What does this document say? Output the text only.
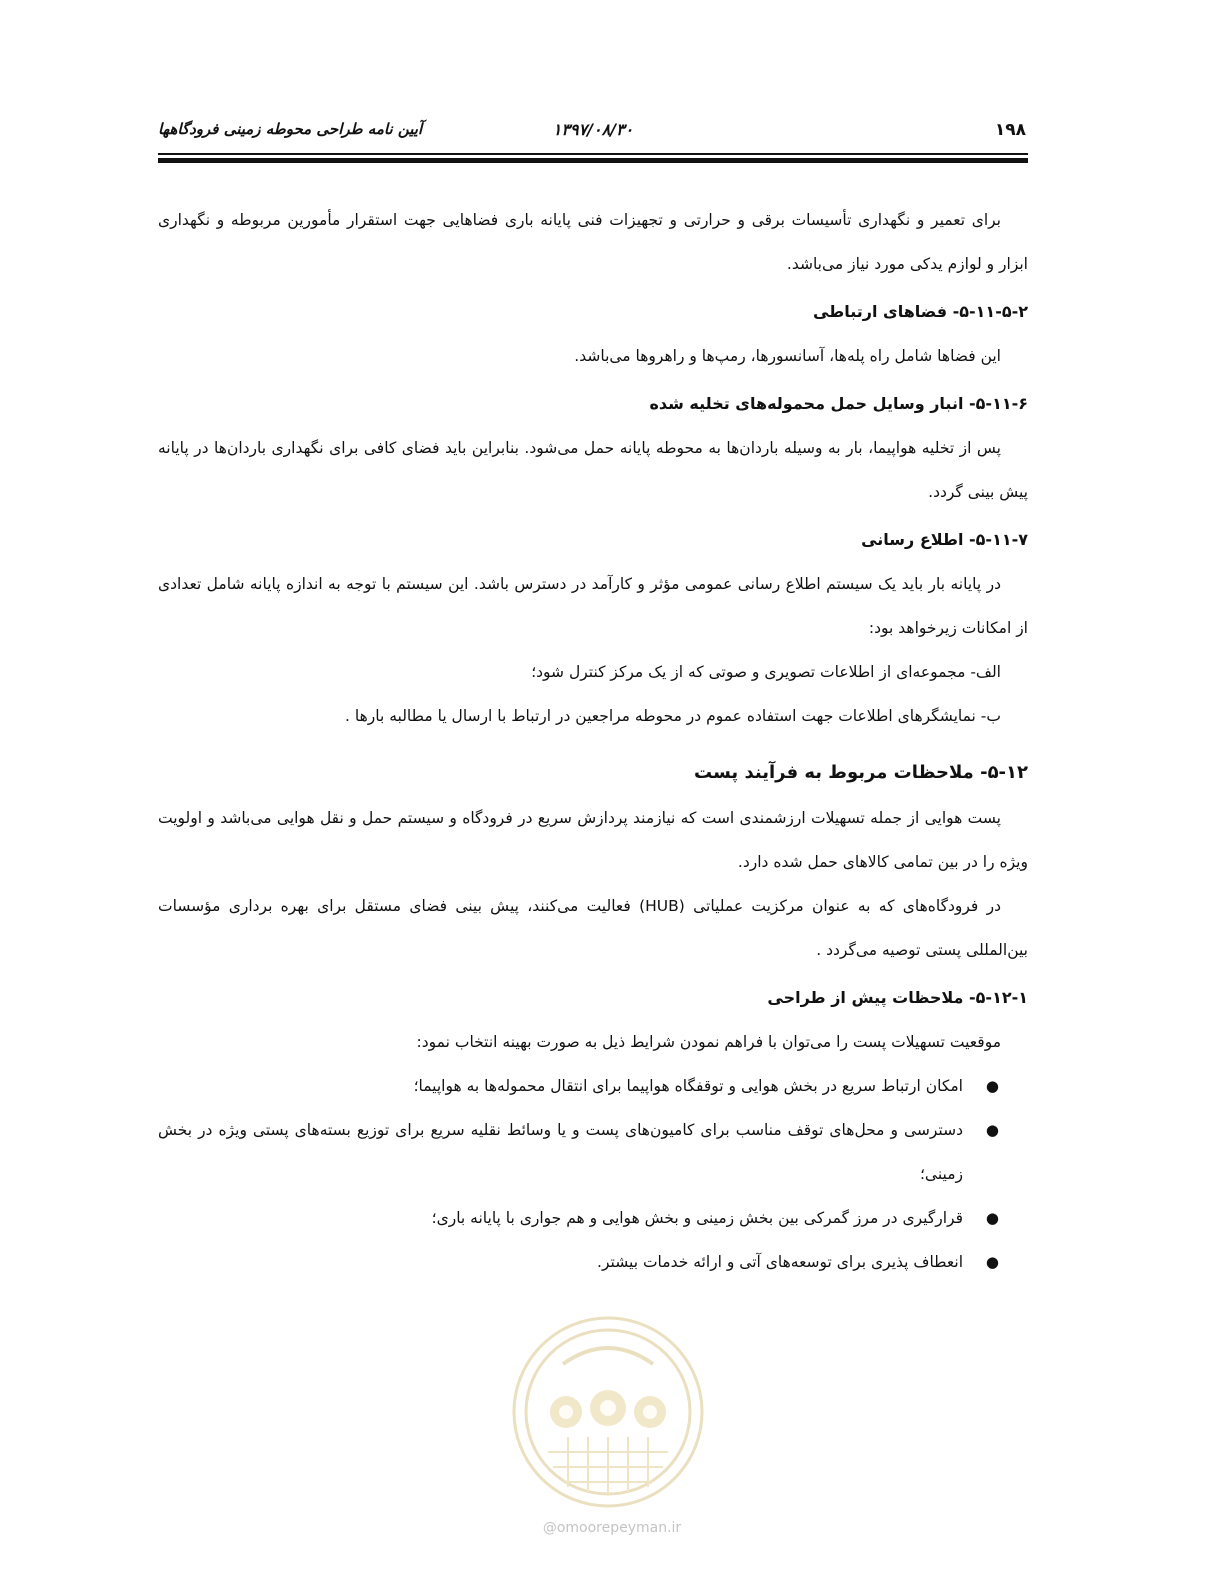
۱۹۸
۱۳۹۷/۰۸/۳۰
آیین نامه طراحی محوطه زمینی فرودگاهها

برای تعمیر و نگهداری تأسیسات برقی و حرارتی و تجهیزات فنی پایانه باری فضاهایی جهت استقرار مأمورین مربوطه و نگهداری ابزار و لوازم یدکی مورد نیاز می‌باشد.

۵-۱۱-۵-۲- فضاهای ارتباطی

این فضاها شامل راه پله‌ها، آسانسورها، رمپ‌ها و راهروها می‌باشد.

۵-۱۱-۶- انبار وسایل حمل محموله‌های تخلیه شده

پس از تخلیه هواپیما، بار به وسیله باردان‌ها به محوطه پایانه حمل می‌شود. بنابراین باید فضای کافی برای نگهداری باردان‌ها در پایانه پیش بینی گردد.

۵-۱۱-۷- اطلاع رسانی

در پایانه بار باید یک سیستم اطلاع رسانی عمومی مؤثر و کارآمد در دسترس باشد. این سیستم با توجه به اندازه پایانه شامل تعدادی از امکانات زیرخواهد بود:

الف- مجموعه‌ای از اطلاعات تصویری و صوتی که از یک مرکز کنترل شود؛

ب- نمایشگرهای اطلاعات جهت استفاده عموم در محوطه مراجعین در ارتباط با ارسال یا مطالبه بارها .

۵-۱۲- ملاحظات مربوط به فرآیند پست

پست هوایی از جمله تسهیلات ارزشمندی است که نیازمند پردازش سریع در فرودگاه و سیستم حمل و نقل هوایی می‌باشد و اولویت ویژه را در بین تمامی کالاهای حمل شده دارد.

در فرودگاه‌های که به عنوان مرکزیت عملیاتی (HUB) فعالیت می‌کنند، پیش بینی فضای مستقل برای بهره برداری مؤسسات بین‌المللی پستی توصیه می‌گردد .

۵-۱۲-۱- ملاحظات پیش از طراحی

موقعیت تسهیلات پست را می‌توان با فراهم نمودن شرایط ذیل به صورت بهینه انتخاب نمود:

●
امکان ارتباط سریع در بخش هوایی و توقفگاه هواپیما برای انتقال محموله‌ها به هواپیما؛
●
دسترسی و محل‌های توقف مناسب برای کامیون‌های پست و یا وسائط نقلیه سریع برای توزیع بسته‌های پستی ویژه در بخش زمینی؛
●
قرارگیری در مرز گمرکی بین بخش زمینی و بخش هوایی و هم جواری با پایانه باری؛
●
انعطاف پذیری برای توسعه‌های آتی و ارائه خدمات بیشتر.
@omoorepeyman.ir
